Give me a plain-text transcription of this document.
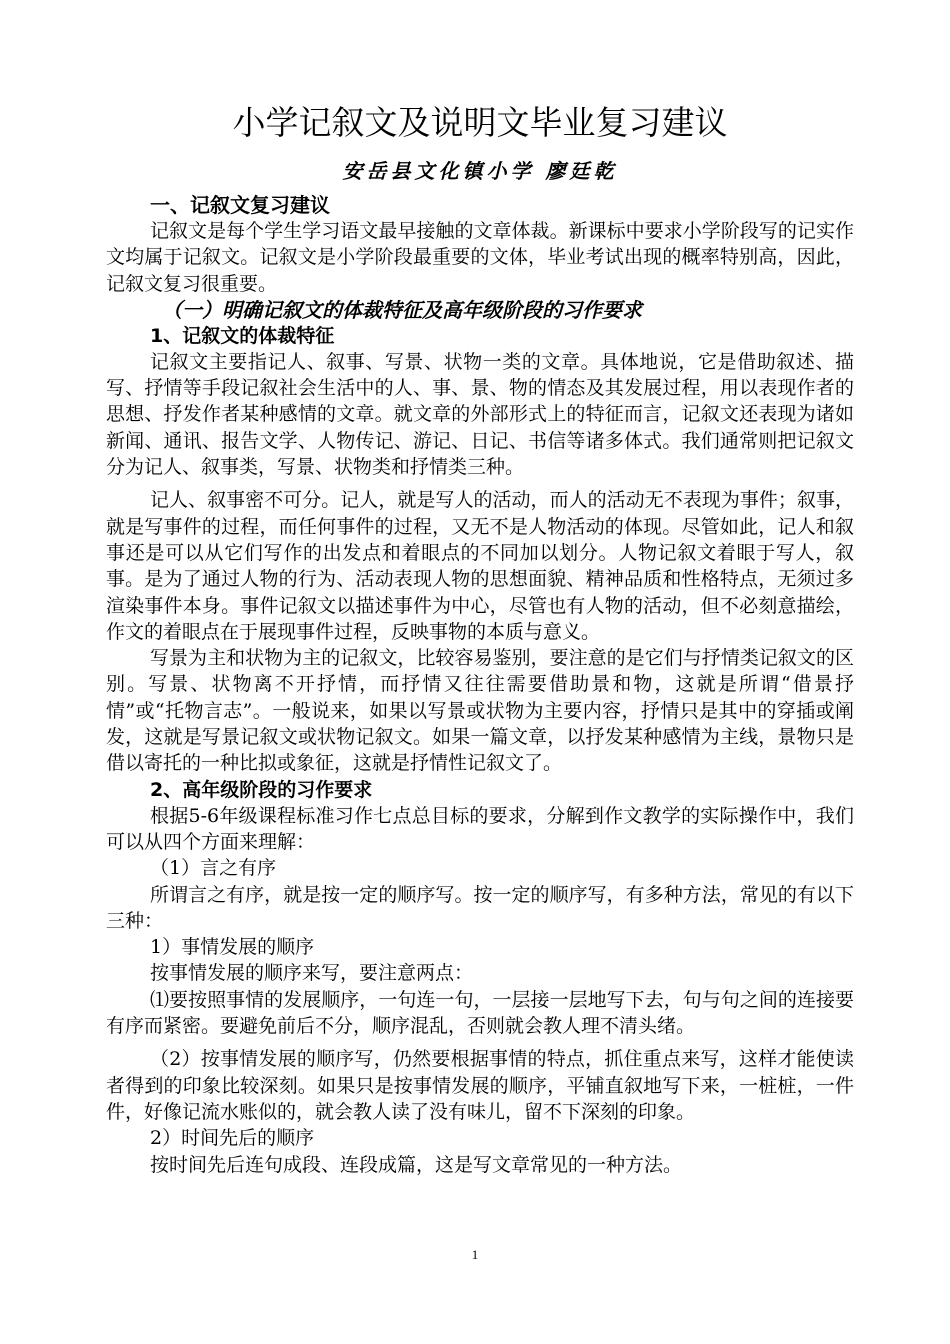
小学记叙文及说明文毕业复习建议
安岳县文化镇小学 廖廷乾
一、记叙文复习建议

记叙文是每个学生学习语文最早接触的文章体裁。新课标中要求小学阶段写的记实作文均属于记叙文。记叙文是小学阶段最重要的文体，毕业考试出现的概率特别高，因此，记叙文复习很重要。

（一）明确记叙文的体裁特征及高年级阶段的习作要求
1、记叙文的体裁特征

记叙文主要指记人、叙事、写景、状物一类的文章。具体地说，它是借助叙述、描写、抒情等手段记叙社会生活中的人、事、景、物的情态及其发展过程，用以表现作者的思想、抒发作者某种感情的文章。就文章的外部形式上的特征而言，记叙文还表现为诸如新闻、通讯、报告文学、人物传记、游记、日记、书信等诸多体式。我们通常则把记叙文分为记人、叙事类，写景、状物类和抒情类三种。

记人、叙事密不可分。记人，就是写人的活动，而人的活动无不表现为事件；叙事，就是写事件的过程，而任何事件的过程，又无不是人物活动的体现。尽管如此，记人和叙事还是可以从它们写作的出发点和着眼点的不同加以划分。人物记叙文着眼于写人，叙事。是为了通过人物的行为、活动表现人物的思想面貌、精神品质和性格特点，无须过多渲染事件本身。事件记叙文以描述事件为中心，尽管也有人物的活动，但不必刻意描绘，作文的着眼点在于展现事件过程，反映事物的本质与意义。

写景为主和状物为主的记叙文，比较容易鉴别，要注意的是它们与抒情类记叙文的区别。写景、状物离不开抒情，而抒情又往往需要借助景和物，这就是所谓“借景抒情”或“托物言志”。一般说来，如果以写景或状物为主要内容，抒情只是其中的穿插或阐发，这就是写景记叙文或状物记叙文。如果一篇文章，以抒发某种感情为主线，景物只是借以寄托的一种比拟或象征，这就是抒情性记叙文了。

2、高年级阶段的习作要求

根据5-6年级课程标准习作七点总目标的要求，分解到作文教学的实际操作中，我们可以从四个方面来理解：

（1）言之有序

所谓言之有序，就是按一定的顺序写。按一定的顺序写，有多种方法，常见的有以下三种：

1）事情发展的顺序

按事情发展的顺序来写，要注意两点：

⑴要按照事情的发展顺序，一句连一句，一层接一层地写下去，句与句之间的连接要有序而紧密。要避免前后不分，顺序混乱，否则就会教人理不清头绪。

（2）按事情发展的顺序写，仍然要根据事情的特点，抓住重点来写，这样才能使读者得到的印象比较深刻。如果只是按事情发展的顺序，平铺直叙地写下来，一桩桩，一件件，好像记流水账似的，就会教人读了没有味儿，留不下深刻的印象。

2）时间先后的顺序

按时间先后连句成段、连段成篇，这是写文章常见的一种方法。

1
